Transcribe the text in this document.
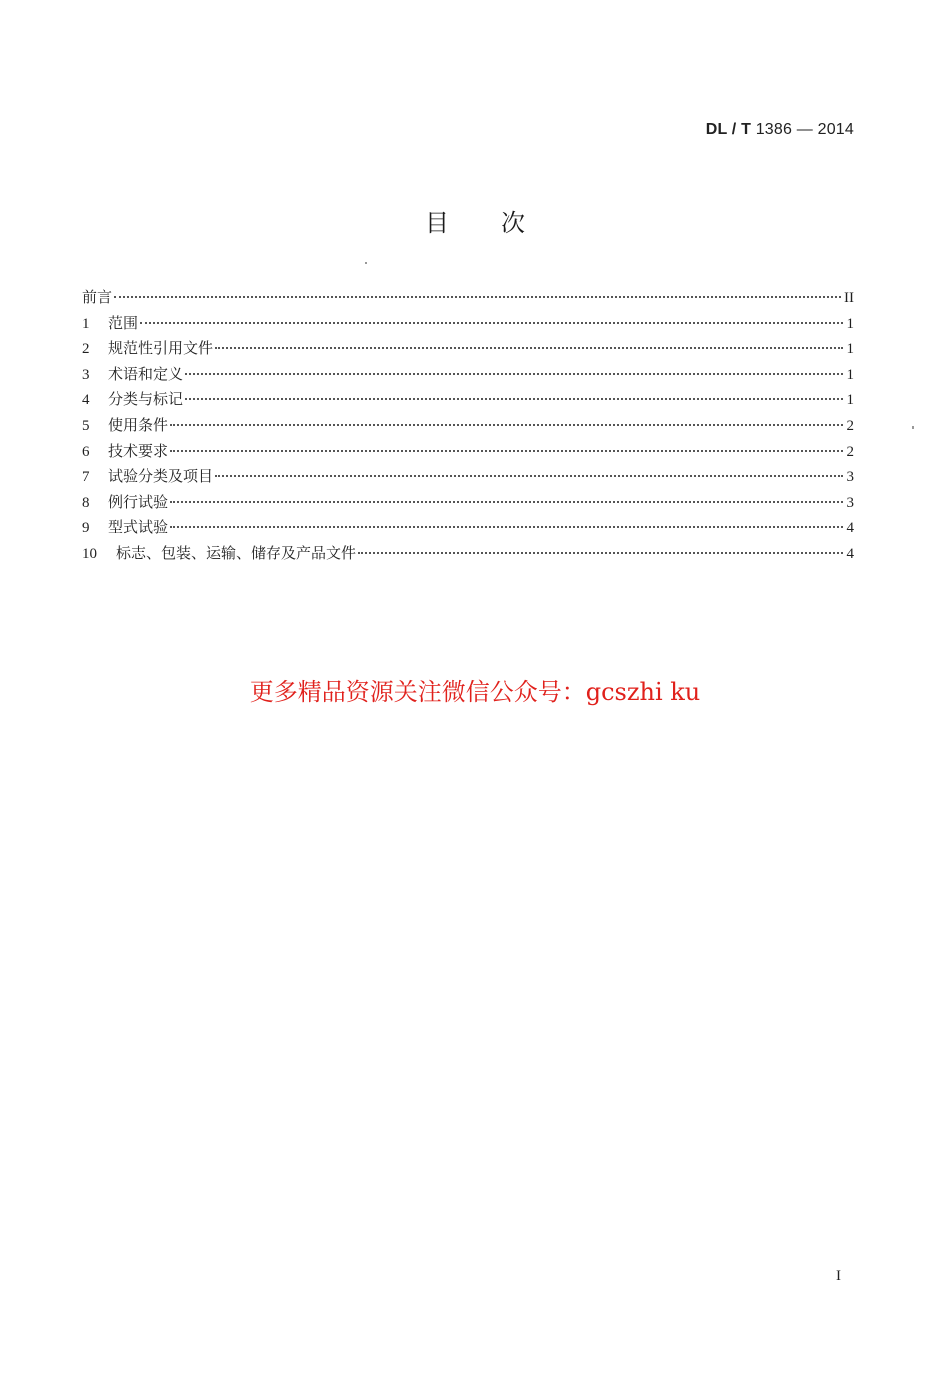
DL / T 1386 — 2014
目次
前言	II
1	范围	1
2	规范性引用文件	1
3	术语和定义	1
4	分类与标记	1
5	使用条件	2
6	技术要求	2
7	试验分类及项目	3
8	例行试验	3
9	型式试验	4
10	标志、包装、运输、储存及产品文件	4
更多精品资源关注微信公众号：gcszhi ku
I
